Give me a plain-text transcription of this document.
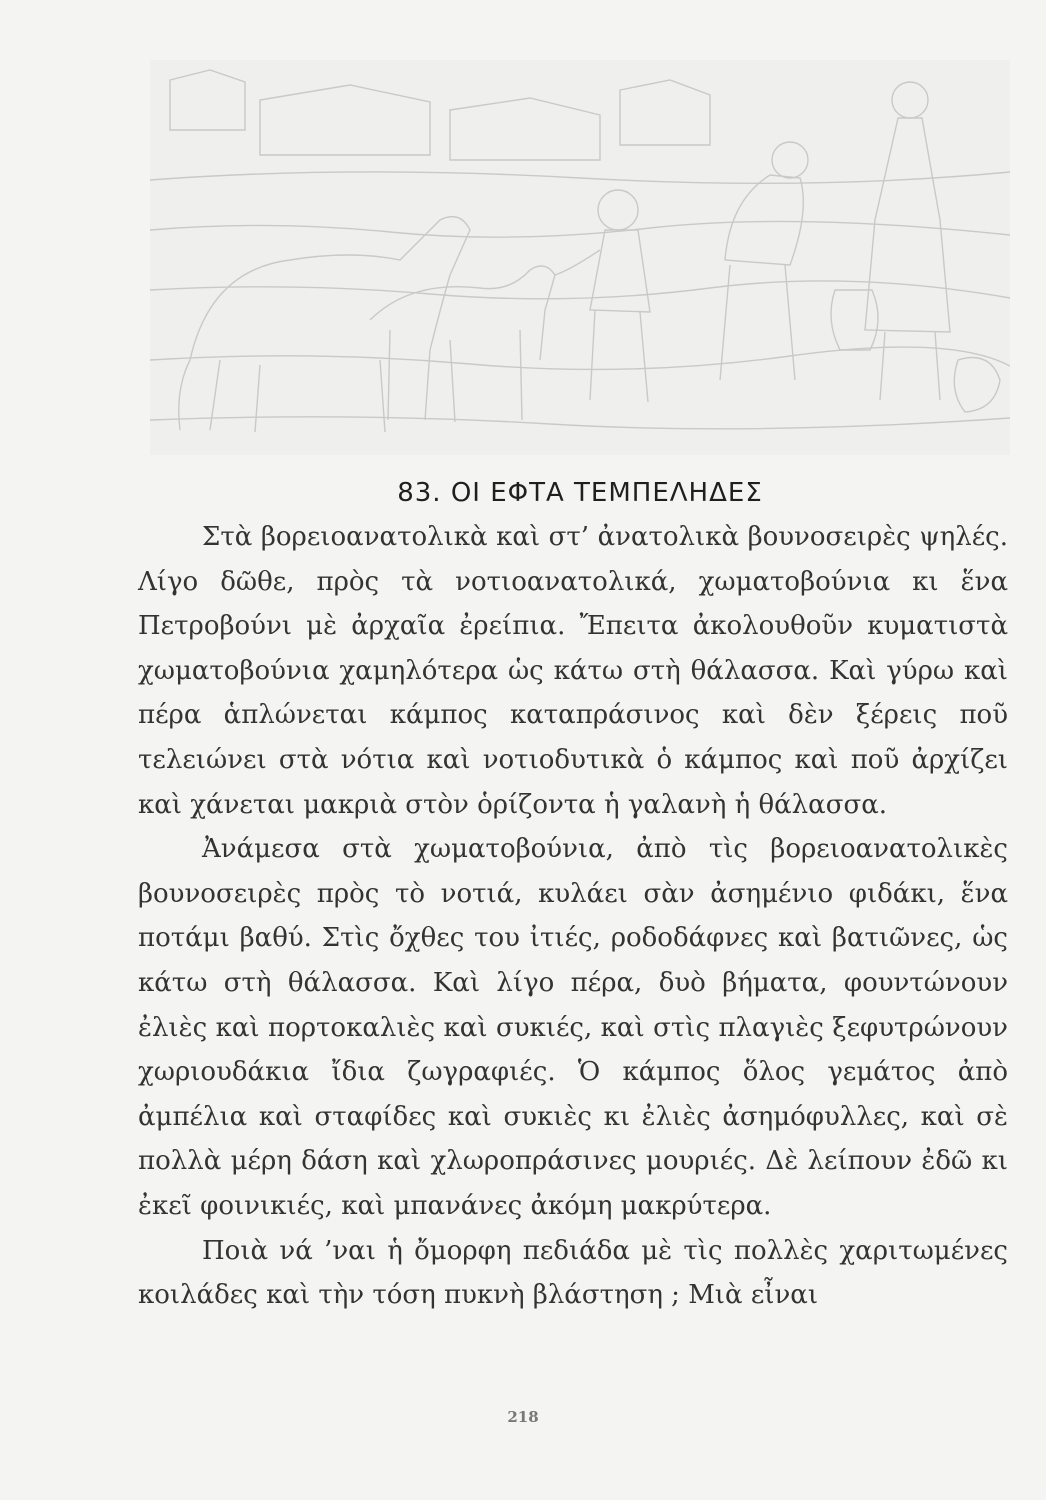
83. ΟΙ ΕΦΤΑ ΤΕΜΠΕΛΗΔΕΣ

Στὰ βορειοανατολικὰ καὶ στ’ ἀνατολικὰ βουνοσειρὲς ψηλές. Λίγο δῶθε, πρὸς τὰ νοτιοανατολικά, χωματοβούνια κι ἕνα Πετροβούνι μὲ ἀρχαῖα ἐρείπια. Ἔπειτα ἀκολουθοῦν κυματιστὰ χωματοβούνια χαμηλότερα ὡς κάτω στὴ θάλασσα. Καὶ γύρω καὶ πέρα ἁπλώνεται κάμπος καταπράσινος καὶ δὲν ξέρεις ποῦ τελειώνει στὰ νότια καὶ νοτιοδυτικὰ ὁ κάμπος καὶ ποῦ ἀρχίζει καὶ χάνεται μακριὰ στὸν ὁρίζοντα ἡ γαλανὴ ἡ θάλασσα.

Ἀνάμεσα στὰ χωματοβούνια, ἀπὸ τὶς βορειοανατολικὲς βουνοσειρὲς πρὸς τὸ νοτιά, κυλάει σὰν ἀσημένιο φιδάκι, ἕνα ποτάμι βαθύ. Στὶς ὄχθες του ἰτιές, ροδοδάφνες καὶ βατιῶνες, ὡς κάτω στὴ θάλασσα. Καὶ λίγο πέρα, δυὸ βήματα, φουντώνουν ἐλιὲς καὶ πορτοκαλιὲς καὶ συκιές, καὶ στὶς πλαγιὲς ξεφυτρώνουν χωριουδάκια ἴδια ζωγραφιές. Ὁ κάμπος ὅλος γεμάτος ἀπὸ ἀμπέλια καὶ σταφίδες καὶ συκιὲς κι ἐλιὲς ἀσημόφυλλες, καὶ σὲ πολλὰ μέρη δάση καὶ χλωροπράσινες μουριές. Δὲ λείπουν ἐδῶ κι ἐκεῖ φοινικιές, καὶ μπανάνες ἀκόμη μακρύτερα.

Ποιὰ νά ’ναι ἡ ὄμορφη πεδιάδα μὲ τὶς πολλὲς χαριτωμένες κοιλάδες καὶ τὴν τόση πυκνὴ βλάστηση ; Μιὰ εἶναι

218
